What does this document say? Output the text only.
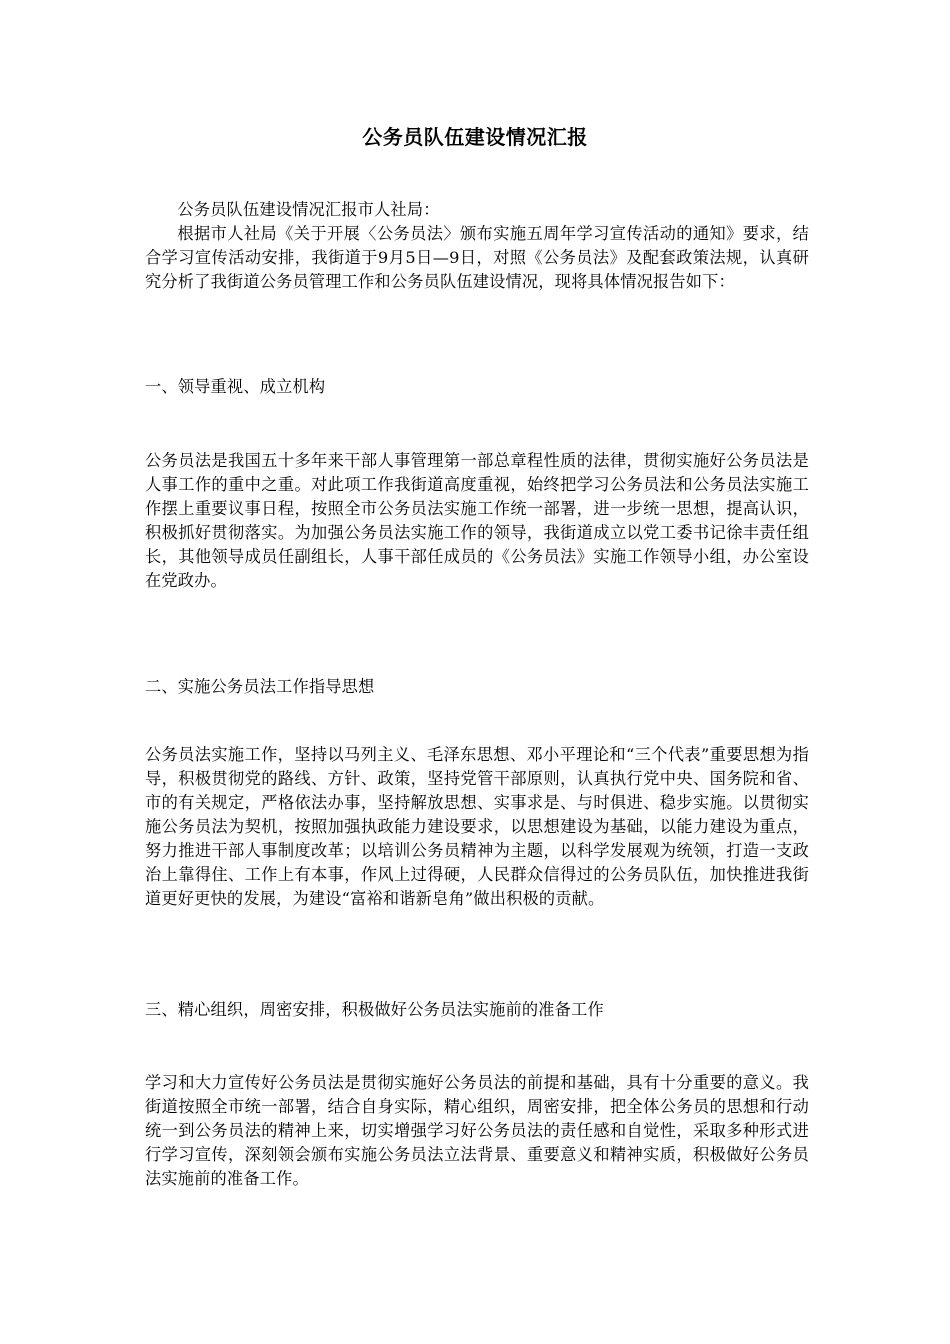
公务员队伍建设情况汇报

公务员队伍建设情况汇报市人社局：

根据市人社局《关于开展〈公务员法〉颁布实施五周年学习宣传活动的通知》要求，结合学习宣传活动安排，我街道于9月5日—9日，对照《公务员法》及配套政策法规，认真研究分析了我街道公务员管理工作和公务员队伍建设情况，现将具体情况报告如下：

一、领导重视、成立机构

公务员法是我国五十多年来干部人事管理第一部总章程性质的法律，贯彻实施好公务员法是人事工作的重中之重。对此项工作我街道高度重视，始终把学习公务员法和公务员法实施工作摆上重要议事日程，按照全市公务员法实施工作统一部署，进一步统一思想，提高认识，积极抓好贯彻落实。为加强公务员法实施工作的领导，我街道成立以党工委书记徐丰责任组长，其他领导成员任副组长，人事干部任成员的《公务员法》实施工作领导小组，办公室设在党政办。

二、实施公务员法工作指导思想

公务员法实施工作，坚持以马列主义、毛泽东思想、邓小平理论和“三个代表”重要思想为指导，积极贯彻党的路线、方针、政策，坚持党管干部原则，认真执行党中央、国务院和省、市的有关规定，严格依法办事，坚持解放思想、实事求是、与时俱进、稳步实施。以贯彻实施公务员法为契机，按照加强执政能力建设要求，以思想建设为基础，以能力建设为重点，努力推进干部人事制度改革；以培训公务员精神为主题，以科学发展观为统领，打造一支政治上靠得住、工作上有本事，作风上过得硬，人民群众信得过的公务员队伍，加快推进我街道更好更快的发展，为建设“富裕和谐新皂角”做出积极的贡献。

三、精心组织，周密安排，积极做好公务员法实施前的准备工作

学习和大力宣传好公务员法是贯彻实施好公务员法的前提和基础，具有十分重要的意义。我街道按照全市统一部署，结合自身实际，精心组织，周密安排，把全体公务员的思想和行动统一到公务员法的精神上来，切实增强学习好公务员法的责任感和自觉性，采取多种形式进行学习宣传，深刻领会颁布实施公务员法立法背景、重要意义和精神实质，积极做好公务员法实施前的准备工作。
